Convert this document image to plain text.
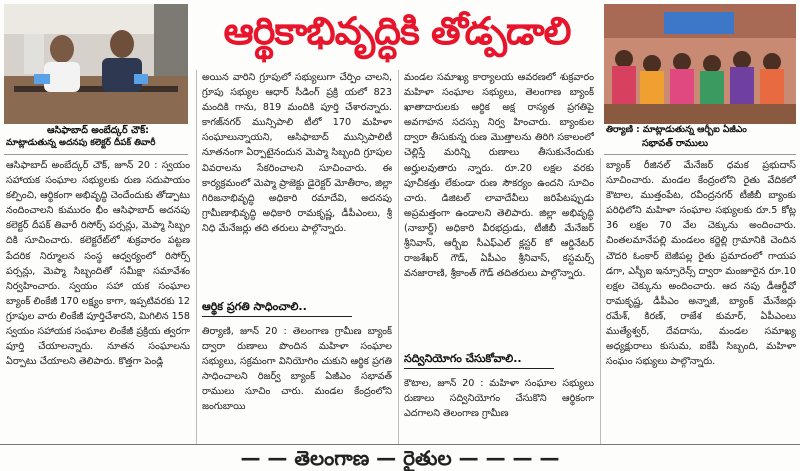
ఆసిఫాబాద్ అంబేద్కర్ చౌక్:
మాట్లాడుతున్న అదనపు కలెక్టర్ దీపక్ తివారీ
ఆర్థికాభివృద్ధికి తోడ్పడాలి
తిర్యాణి : మాట్లాడుతున్న ఆర్బీఐ ఏజీఎం
సభావత్ రాములు

ఆసిఫాబాద్ అంబేద్కర్ చౌక్, జూన్ 20 : స్వయం సహాయక సంఘాల సభ్యులకు రుణ సదుపాయం కల్పించి, ఆర్థికంగా అభివృద్ధి చెందేందుకు తోడ్పాటు నందించాలని కుమురం భీం ఆసిఫాబాద్ అదనపు కలెక్టర్ దీపక్ తివారీ రిసోర్స్ పర్సన్లు, మెప్మా సిబ్బం దికి సూచించారు. కలెక్టరేట్‌లో శుక్రవారం పట్టణ పేదరిక నిర్మూలన సంస్థ ఆధ్వర్యంలో రిసోర్స్ పర్సన్లు, మెప్మా సిబ్బందితో సమీక్షా సమావేశం నిర్వహించారు. స్వయం సహా యక సంఘాల బ్యాంక్ లింకేజీ 170 లక్ష్యం కాగా, ఇప్పటివరకు 12 గ్రూపుల వారు లింకేజీ పూర్తిచేశారని, మిగిలిన 158 స్వయం సహాయక సంఘాల లింకేజీ ప్రక్రియ త్వరగా పూర్తి చేయాలన్నారు. నూతన సంఘాలను ఏర్పాటు చేయాలని తెలిపారు. కొత్తగా పెండ్లి

అయిన వారిని గ్రూపులో సభ్యులుగా చేర్పిం చాలని, గ్రూపు సభ్యుల ఆధార్ సీడింగ్ ప్రక్రి యలో 823 మందికి గాను, 819 మందికి పూర్తి చేశారన్నారు. కాగజ్‌నగర్ మున్సిపాలి టీలో 170 మహిళా సంఘాలున్నాయని, ఆసిఫాబాద్ మున్సిపాలిటీ నూతనంగా ఏర్పాటైనందున మెప్మా సిబ్బంది గ్రూపుల వివరాలను సేకరించాలని సూచించారు. ఈ కార్యక్రమంలో మెప్మా ప్రాజెక్టు డైరెక్టర్ మోతీరాం, జిల్లా గిరిజనాభివృద్ధి అధికారి రమాదేవి, అదనపు గ్రామీణాభివృద్ధి అధికారి రామకృష్ణ, డీపీఎంలు, శ్రీ నిధి మేనేజర్లు తది తరులు పాల్గొన్నారు.

ఆర్థిక ప్రగతి సాధించాలి..

తిర్యాణి, జూన్ 20 : తెలంగాణ గ్రామీణ బ్యాంక్ ద్వారా రుణాలు పొందిన మహిళా సంఘాల సభ్యులు, సక్రమంగా వినియోగిం చుకుని ఆర్థిక ప్రగతి సాధించాలని రిజర్వ్ బ్యాంక్ ఏజీఎం సభావత్ రాములు సూచిం చారు. మండల కేంద్రంలోని జంగుబాయి

మండల సమాఖ్య కార్యాలయ ఆవరణలో శుక్రవారం మహిళా సంఘాల సభ్యులు, తెలంగాణ బ్యాంక్ ఖాతాదారులకు ఆర్థిక అక్ష రాస్యత ప్రగతిపై అవగాహన సదస్సు నిర్వ హించారు. బ్యాంకుల ద్వారా తీసుకున్న రుణ మొత్తాలను తిరిగి సకాలంలో చెల్లిస్తే మరిన్ని రుణాలు తీసుకునేందుకు అర్హులవుతారు న్నారు. రూ.20 లక్షల వరకు పూచీకత్తు లేకుండా రుణ సౌకర్యం ఉందని సూచిం చారు. డిజిటల్ లావాదేవీలు జరిపేటప్పుడు అప్రమత్తంగా ఉండాలని తెలిపారు. జిల్లా అభివృద్ధి (నాబార్డ్) అధికారి వీరభద్రుడు, టీజీబీ మేనేజర్ శ్రీనివాస్, ఆర్బీఐ సీఎఫ్ఎల్ క్లస్టర్ కో ఆర్డినేటర్ రాజశేఖర్ గౌడ్, ఏపీఎం శ్రీనివాస్, కస్టమర్స్ వనజారాణి, శ్రీకాంత్ గౌడ్ తదితరులు పాల్గొన్నారు.

సద్వినియోగం చేసుకోవాలి..

కౌటాల, జూన్ 20 : మహిళా సంఘాల సభ్యులు రుణాలు సద్వినియోగం చేసుకొని ఆర్థికంగా ఎదగాలని తెలంగాణ గ్రామీణ

బ్యాంక్ రీజినల్ మేనేజర్ ధమక ప్రభుదాస్ సూచించారు. మండల కేంద్రంలోని రైతు వేదికలో కౌటాల, ముత్తంపేట, రవీంద్రనగర్ టీజీబీ బ్యాంకు పరిధిలోని మహిళా సంఘాల సభ్యులకు రూ.5 కోట్ల 36 లక్షల 70 వేల చెక్కును అందించారు. చింతలమానేపల్లి మండలం కర్జెల్లి గ్రామానికి చెందిన చౌదరి ఓంకార్ బెజీపల్ల రైతు ప్రమాదంలో గాయప డగా, ఎస్బీఐ ఇన్సూరెన్స్ ద్వారా మంజూరైన రూ.10 లక్షల చెక్కును అందించారు. ఆద నపు డీఆర్డీవో రామకృష్ణ, డీపీఎం అన్నాజీ, బ్యాంక్ మేనేజర్లు రమేశ్, కిరణ్, రాజేశ కుమార్, ఏపీఎంలు ముత్యేశ్వర్, దేవదాసు, మండల సమాఖ్య అధ్యక్షురాలు కుసుమ, ఐకేపీ సిబ్బంది, మహిళా సంఘం సభ్యులు పాల్గొన్నారు.

— — తెలంగాణ — రైతుల — — — —
